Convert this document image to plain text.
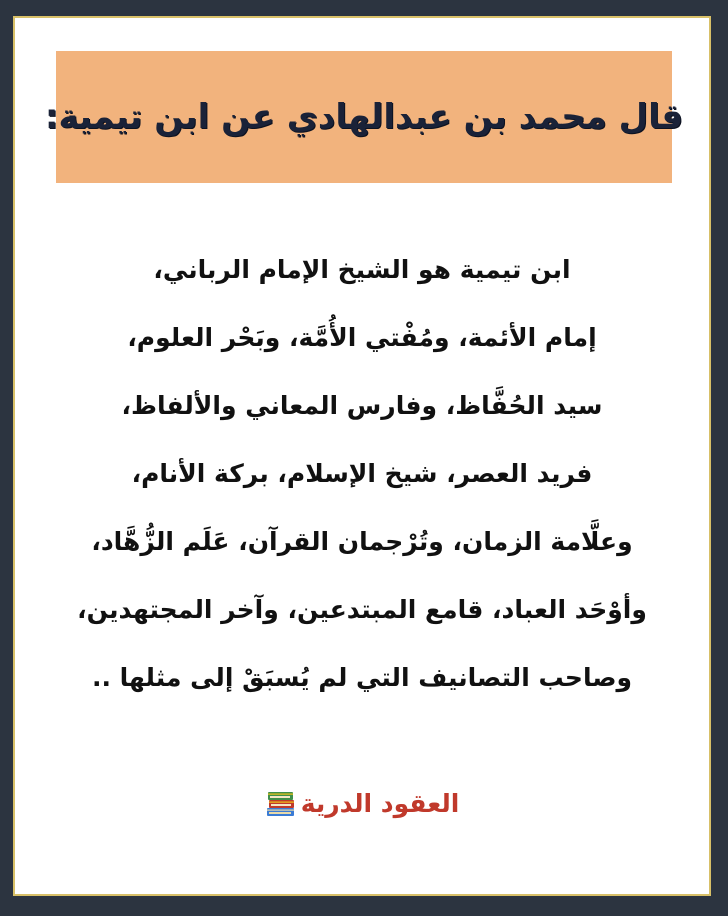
قال محمد بن عبدالهادي عن ابن تيمية:
ابن تيمية هو الشيخ الإمام الرباني،
إمام الأئمة، ومُفْتي الأُمَّة، وبَحْر العلوم،
سيد الحُفَّاظ، وفارس المعاني والألفاظ،
فريد العصر، شيخ الإسلام، بركة الأنام،
وعلَّامة الزمان، وتُرْجمان القرآن، عَلَم الزُّهَّاد،
وأوْحَد العباد، قامع المبتدعين، وآخر المجتهدين،
وصاحب التصانيف التي لم يُسبَقْ إلى مثلها ..
العقود الدرية
